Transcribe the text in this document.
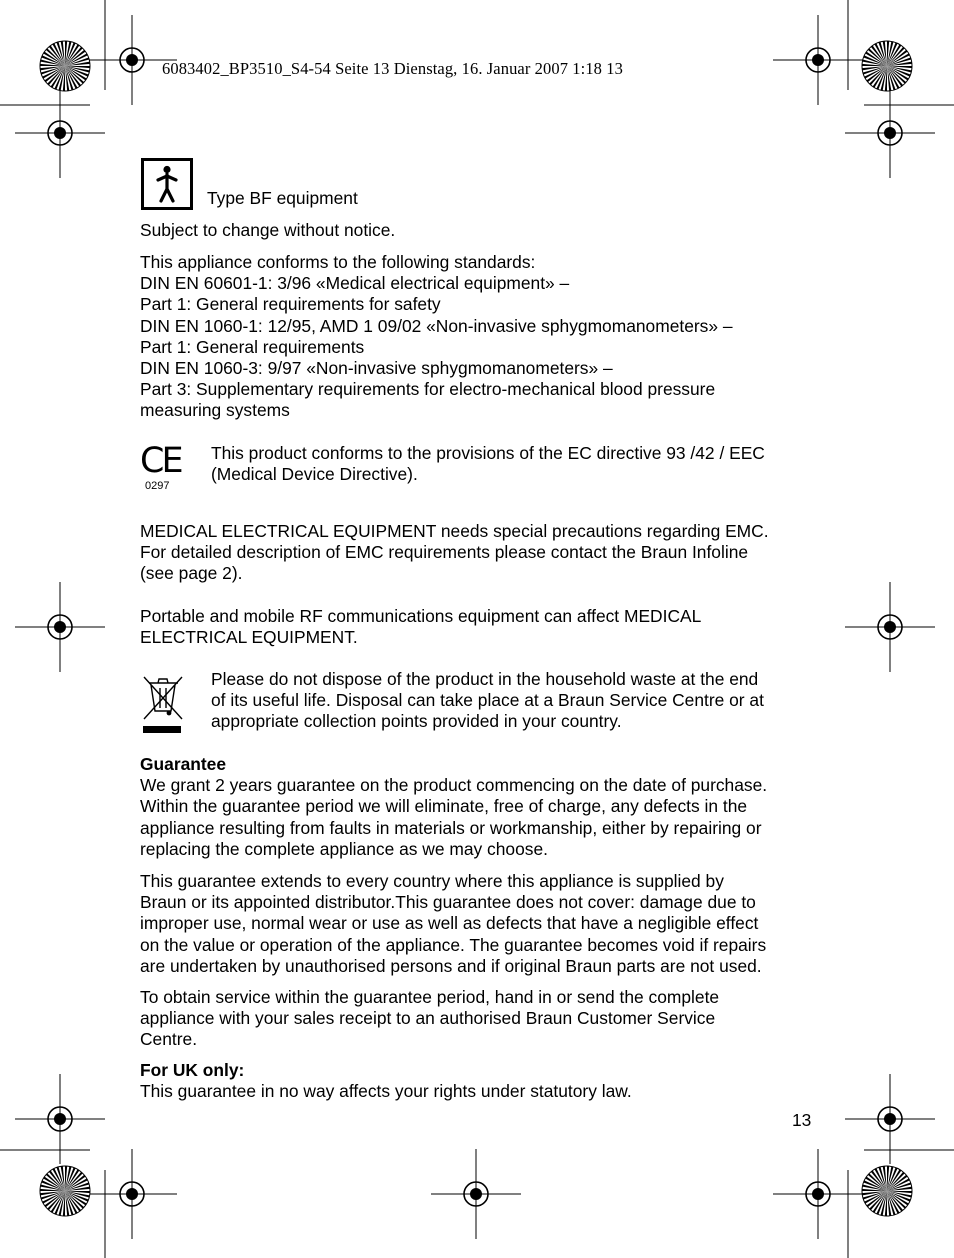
6083402_BP3510_S4-54 Seite 13 Dienstag, 16. Januar 2007 1:18 13
Type BF equipment
Subject to change without notice.
This appliance conforms to the following standards:
DIN EN 60601-1: 3/96 «Medical electrical equipment» –
Part 1: General requirements for safety
DIN EN 1060-1: 12/95, AMD 1 09/02 «Non-invasive sphygmomanometers» –
Part 1: General requirements
DIN EN 1060-3: 9/97 «Non-invasive sphygmomanometers» –
Part 3: Supplementary requirements for electro-mechanical blood pressure
measuring systems
CE
0297
This product conforms to the provisions of the EC directive 93 /42 / EEC
(Medical Device Directive).
MEDICAL ELECTRICAL EQUIPMENT needs special precautions regarding EMC.
For detailed description of EMC requirements please contact the Braun Infoline
(see page 2).
Portable and mobile RF communications equipment can affect MEDICAL
ELECTRICAL EQUIPMENT.
Please do not dispose of the product in the household waste at the end
of its useful life. Disposal can take place at a Braun Service Centre or at
appropriate collection points provided in your country.
Guarantee
We grant 2 years guarantee on the product commencing on the date of purchase.
Within the guarantee period we will eliminate, free of charge, any defects in the
appliance resulting from faults in materials or workmanship, either by repairing or
replacing the complete appliance as we may choose.
This guarantee extends to every country where this appliance is supplied by
Braun or its appointed distributor.This guarantee does not cover: damage due to
improper use, normal wear or use as well as defects that have a negligible effect
on the value or operation of the appliance. The guarantee becomes void if repairs
are undertaken by unauthorised persons and if original Braun parts are not used.
To obtain service within the guarantee period, hand in or send the complete
appliance with your sales receipt to an authorised Braun Customer Service
Centre.
For UK only:
This guarantee in no way affects your rights under statutory law.
13
